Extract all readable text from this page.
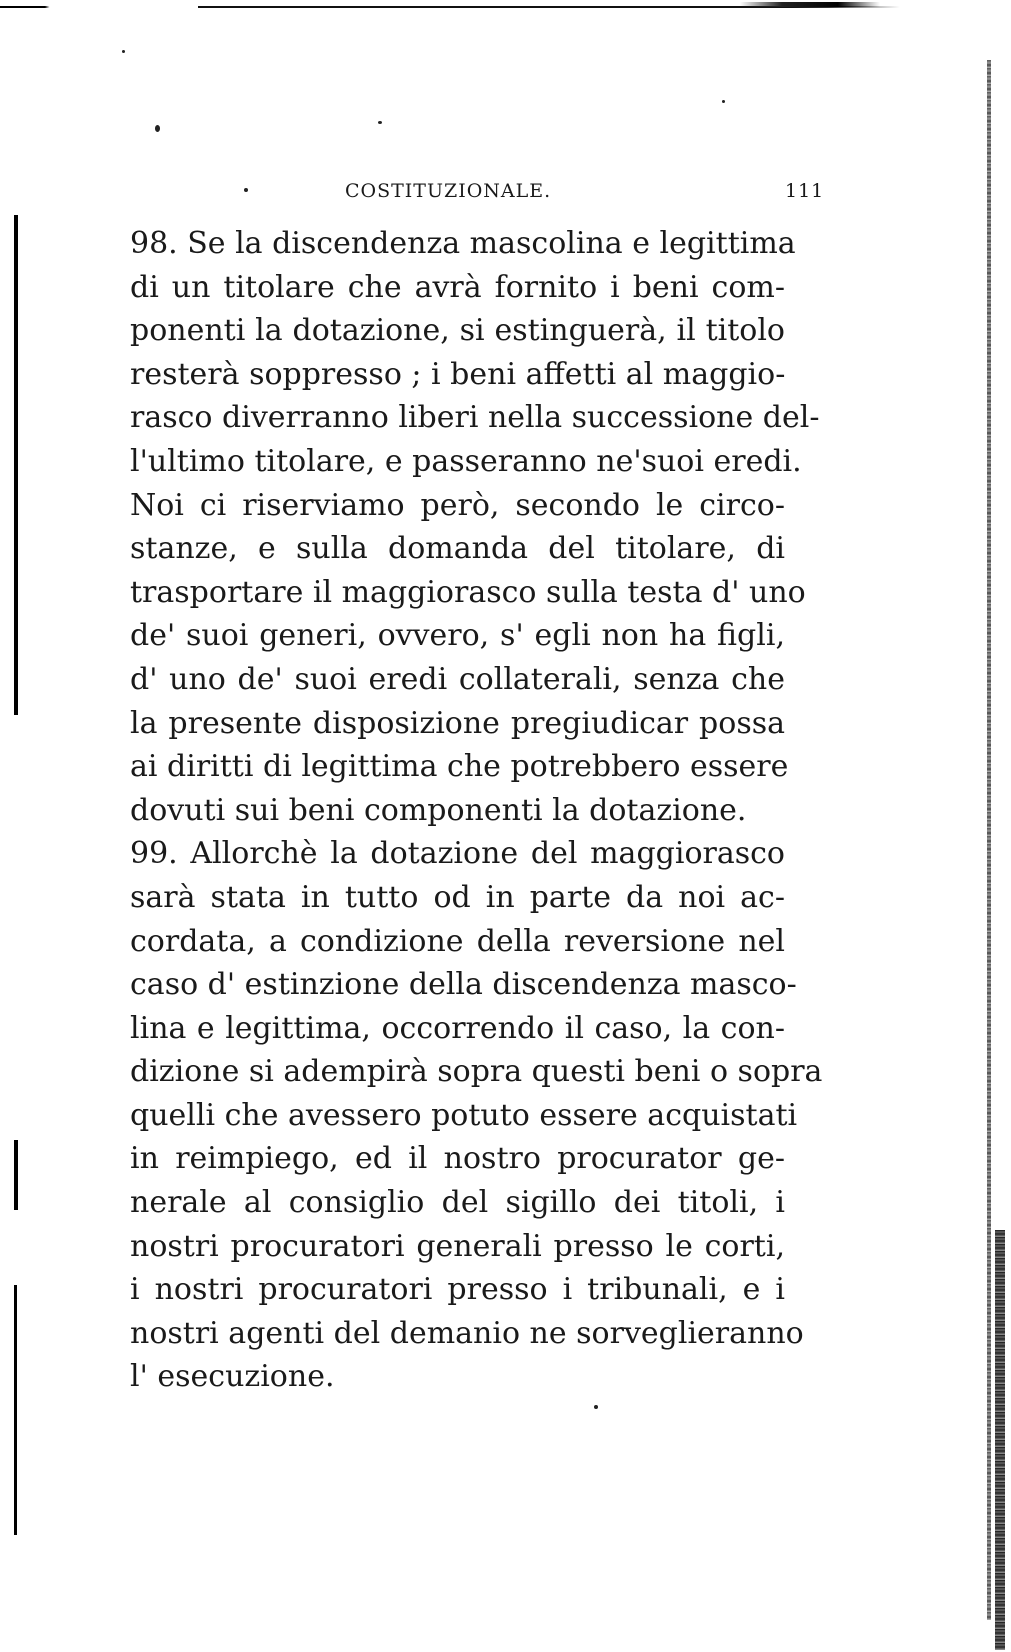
COSTITUZIONALE.	111
98. Se la discendenza mascolina e legittima
di un titolare che avrà fornito i beni com-
ponenti la dotazione, si estinguerà, il titolo
resterà soppresso ; i beni affetti al maggio-
rasco diverranno liberi nella successione del-
l'ultimo titolare, e passeranno ne'suoi eredi.
Noi ci riserviamo però, secondo le circo-
stanze, e sulla domanda del titolare, di
trasportare il maggiorasco sulla testa d' uno
de' suoi generi, ovvero, s' egli non ha figli,
d' uno de' suoi eredi collaterali, senza che
la presente disposizione pregiudicar possa
ai diritti di legittima che potrebbero essere
dovuti sui beni componenti la dotazione.
99. Allorchè la dotazione del maggiorasco
sarà stata in tutto od in parte da noi ac-
cordata, a condizione della reversione nel
caso d' estinzione della discendenza masco-
lina e legittima, occorrendo il caso, la con-
dizione si adempirà sopra questi beni o sopra
quelli che avessero potuto essere acquistati
in reimpiego, ed il nostro procurator ge-
nerale al consiglio del sigillo dei titoli, i
nostri procuratori generali presso le corti,
i nostri procuratori presso i tribunali, e i
nostri agenti del demanio ne sorveglieranno
l' esecuzione.
